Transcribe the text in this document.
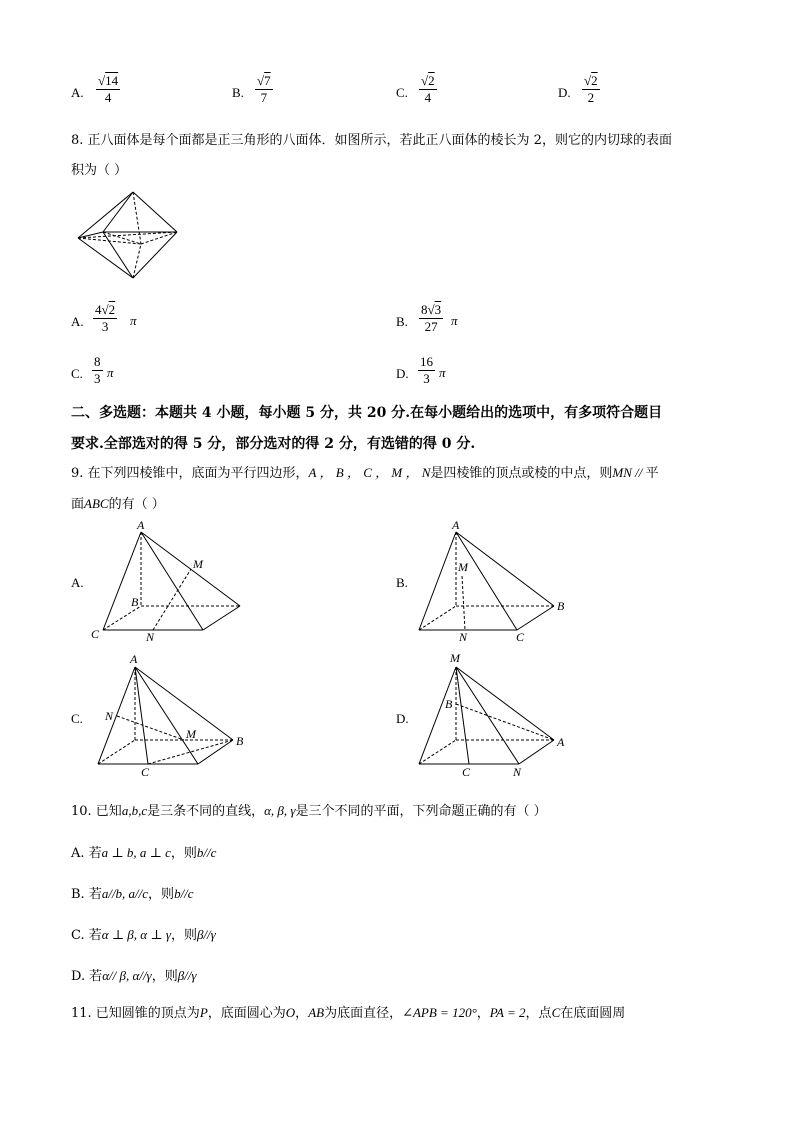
A. $\frac{√14}{4}$	B. $\frac{√7}{7}$	C. $\frac{√2}{4}$	D. $\frac{√2}{2}$
8. 正八面体是每个面都是正三角形的八面体．如图所示，若此正八面体的棱长为 2，则它的内切球的表面
积为（ ）
A. $\frac{4√2}{3}$ π	B. $\frac{8√3}{27}$ π
C. $\frac{8}{3}$ π	D. $\frac{16}{3}$ π
二、多选题：本题共 4 小题，每小题 5 分，共 20 分.在每小题给出的选项中，有多项符合题目
要求.全部选对的得 5 分，部分选对的得 2 分，有选错的得 0 分.
9. 在下列四棱锥中，底面为平行四边形，A ， B ， C ， M ， N是四棱锥的顶点或棱的中点，则MN // 平
面ABC的有（ ）
A.
A
M
B
C	N
B.
A
M
B
N	C
C.
A
N
M	B
C
D.
M
B
A
C	N
10. 已知a,b,c是三条不同的直线，α, β, γ是三个不同的平面，下列命题正确的有（ ）
A. 若a ⊥ b, a ⊥ c，则b//c
B. 若a//b, a//c，则b//c
C. 若α ⊥ β, α ⊥ γ，则β//γ
D. 若α// β, α//γ，则β//γ
11. 已知圆锥的顶点为P，底面圆心为O，AB为底面直径，∠APB = 120°，PA = 2，点C在底面圆周
